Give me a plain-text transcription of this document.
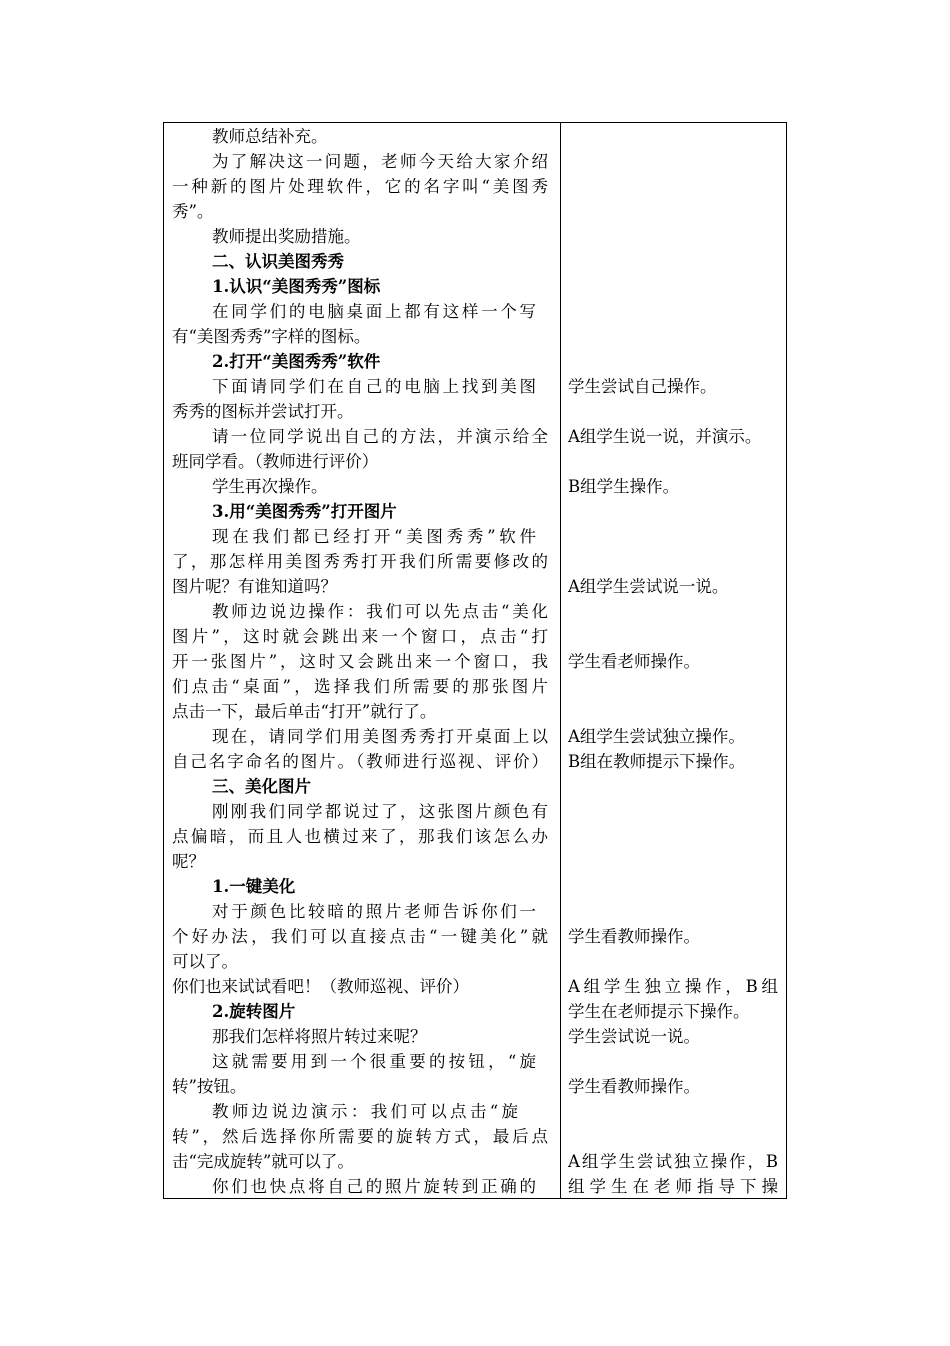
教师总结补充。
为了解决这一问题，老师今天给大家介绍
一种新的图片处理软件，它的名字叫“美图秀
秀”。
教师提出奖励措施。
二、认识美图秀秀
1.认识“美图秀秀”图标
在同学们的电脑桌面上都有这样一个写
有“美图秀秀”字样的图标。
2.打开“美图秀秀”软件
下面请同学们在自己的电脑上找到美图
秀秀的图标并尝试打开。
请一位同学说出自己的方法，并演示给全
班同学看。（教师进行评价）
学生再次操作。
3.用“美图秀秀”打开图片
现在我们都已经打开“美图秀秀”软件
了，那怎样用美图秀秀打开我们所需要修改的
图片呢？有谁知道吗？
教师边说边操作：我们可以先点击“美化
图片”，这时就会跳出来一个窗口，点击“打
开一张图片”，这时又会跳出来一个窗口，我
们点击“桌面”，选择我们所需要的那张图片
点击一下，最后单击“打开”就行了。
现在，请同学们用美图秀秀打开桌面上以
自己名字命名的图片。（教师进行巡视、评价）
三、美化图片
刚刚我们同学都说过了，这张图片颜色有
点偏暗，而且人也横过来了，那我们该怎么办
呢？
1.一键美化
对于颜色比较暗的照片老师告诉你们一
个好办法，我们可以直接点击“一键美化”就
可以了。
你们也来试试看吧！（教师巡视、评价）
2.旋转图片
那我们怎样将照片转过来呢？
这就需要用到一个很重要的按钮，“旋
转”按钮。
教师边说边演示：我们可以点击“旋
转”，然后选择你所需要的旋转方式，最后点
击“完成旋转”就可以了。
你们也快点将自己的照片旋转到正确的
学生尝试自己操作。
A组学生说一说，并演示。
B组学生操作。
A组学生尝试说一说。
学生看老师操作。
A组学生尝试独立操作。
B组在教师提示下操作。
学生看教师操作。
A组学生独立操作，B组
学生在老师提示下操作。
学生尝试说一说。
学生看教师操作。
A组学生尝试独立操作，B
组学生在老师指导下操
